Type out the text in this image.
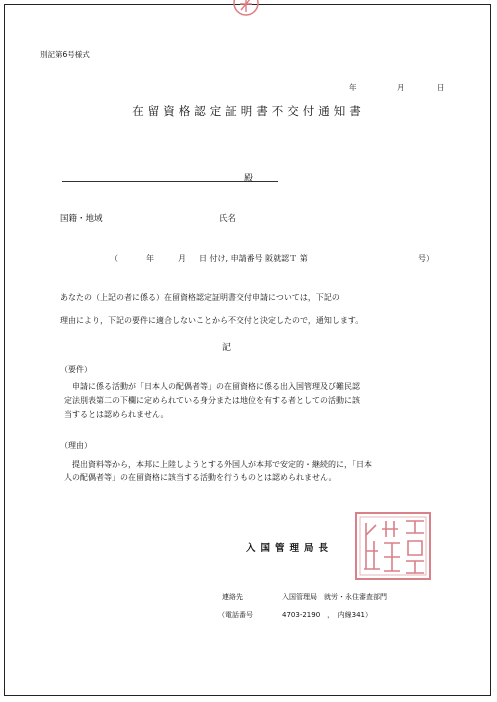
別記第6号様式
年	月	日
在留資格認定証明書不交付通知書
殿
国籍・地域	氏名
（	年	月 日 付け, 申請番号 阪就認Ｔ 第	号）
あなたの（上記の者に係る）在留資格認定証明書交付申請については，下記の
理由により，下記の要件に適合しないことから不交付と決定したので，通知します。
記
（要件）
申請に係る活動が「日本人の配偶者等」の在留資格に係る出入国管理及び難民認
定法別表第二の下欄に定められている身分または地位を有する者としての活動に該
当するとは認められません。
（理由）
提出資料等から，本邦に上陸しようとする外国人が本邦で安定的・継続的に，「日本
人の配偶者等」の在留資格に該当する活動を行うものとは認められません。
入国管理局長
連絡先	入国管理局　就労・永住審査部門
（電話番号	4703-2190　，　内線341）
